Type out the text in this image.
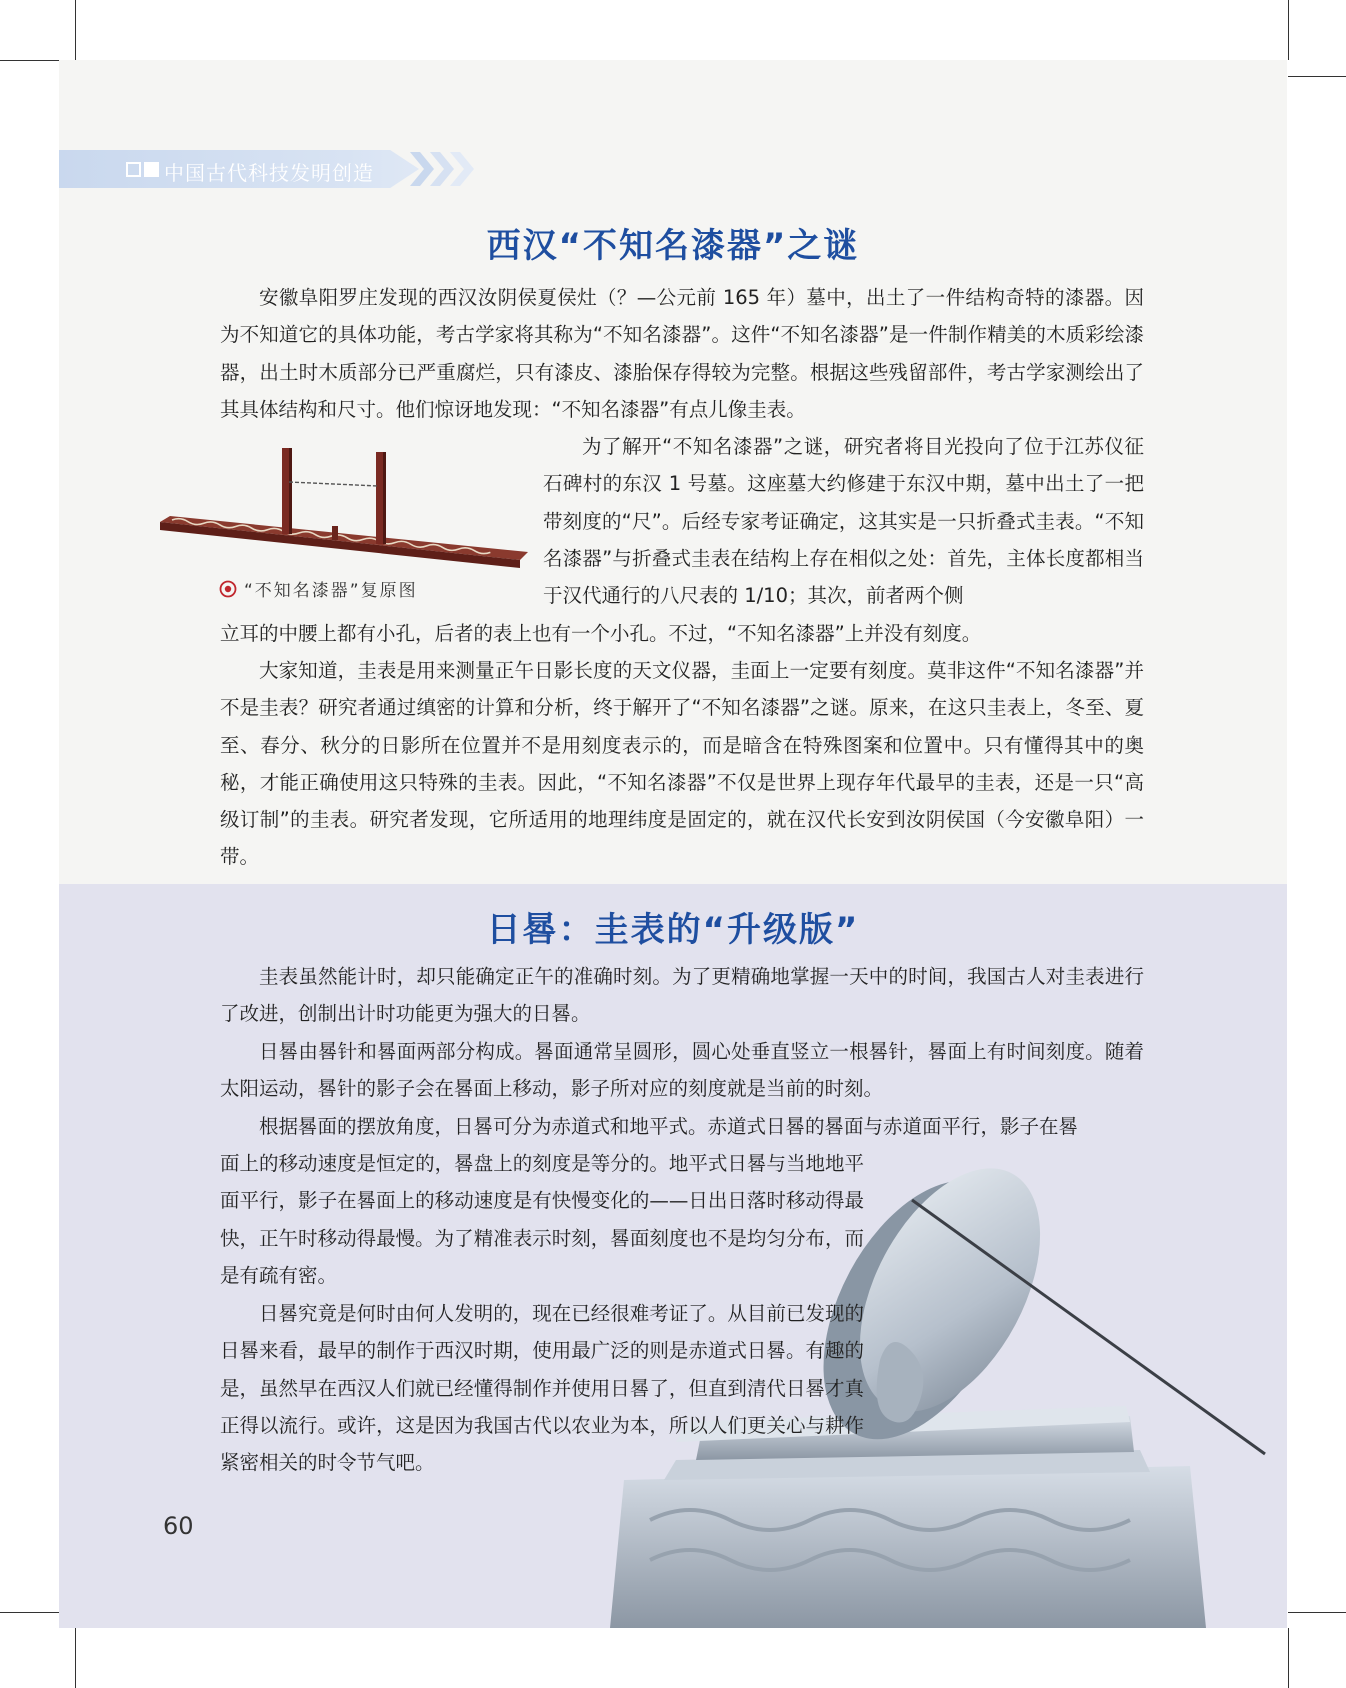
中国古代科技发明创造
西汉“不知名漆器”之谜
安徽阜阳罗庄发现的西汉汝阴侯夏侯灶（？—公元前 165 年）墓中，出土了一件结构奇特的漆器。因为不知道它的具体功能，考古学家将其称为“不知名漆器”。这件“不知名漆器”是一件制作精美的木质彩绘漆器，出土时木质部分已严重腐烂，只有漆皮、漆胎保存得较为完整。根据这些残留部件，考古学家测绘出了其具体结构和尺寸。他们惊讶地发现：“不知名漆器”有点儿像圭表。
“不知名漆器”复原图
为了解开“不知名漆器”之谜，研究者将目光投向了位于江苏仪征石碑村的东汉 1 号墓。这座墓大约修建于东汉中期，墓中出土了一把带刻度的“尺”。后经专家考证确定，这其实是一只折叠式圭表。“不知名漆器”与折叠式圭表在结构上存在相似之处：首先，主体长度都相当于汉代通行的八尺表的 1/10；其次，前者两个侧
立耳的中腰上都有小孔，后者的表上也有一个小孔。不过，“不知名漆器”上并没有刻度。
大家知道，圭表是用来测量正午日影长度的天文仪器，圭面上一定要有刻度。莫非这件“不知名漆器”并不是圭表？研究者通过缜密的计算和分析，终于解开了“不知名漆器”之谜。原来，在这只圭表上，冬至、夏至、春分、秋分的日影所在位置并不是用刻度表示的，而是暗含在特殊图案和位置中。只有懂得其中的奥秘，才能正确使用这只特殊的圭表。因此，“不知名漆器”不仅是世界上现存年代最早的圭表，还是一只“高级订制”的圭表。研究者发现，它所适用的地理纬度是固定的，就在汉代长安到汝阴侯国（今安徽阜阳）一带。
日晷：圭表的“升级版”
圭表虽然能计时，却只能确定正午的准确时刻。为了更精确地掌握一天中的时间，我国古人对圭表进行了改进，创制出计时功能更为强大的日晷。
日晷由晷针和晷面两部分构成。晷面通常呈圆形，圆心处垂直竖立一根晷针，晷面上有时间刻度。随着太阳运动，晷针的影子会在晷面上移动，影子所对应的刻度就是当前的时刻。
根据晷面的摆放角度，日晷可分为赤道式和地平式。赤道式日晷的晷面与赤道面平行，影子在晷
面上的移动速度是恒定的，晷盘上的刻度是等分的。地平式日晷与当地地平面平行，影子在晷面上的移动速度是有快慢变化的——日出日落时移动得最快，正午时移动得最慢。为了精准表示时刻，晷面刻度也不是均匀分布，而是有疏有密。
日晷究竟是何时由何人发明的，现在已经很难考证了。从目前已发现的日晷来看，最早的制作于西汉时期，使用最广泛的则是赤道式日晷。有趣的是，虽然早在西汉人们就已经懂得制作并使用日晷了，但直到清代日晷才真正得以流行。或许，这是因为我国古代以农业为本，所以人们更关心与耕作紧密相关的时令节气吧。
60
